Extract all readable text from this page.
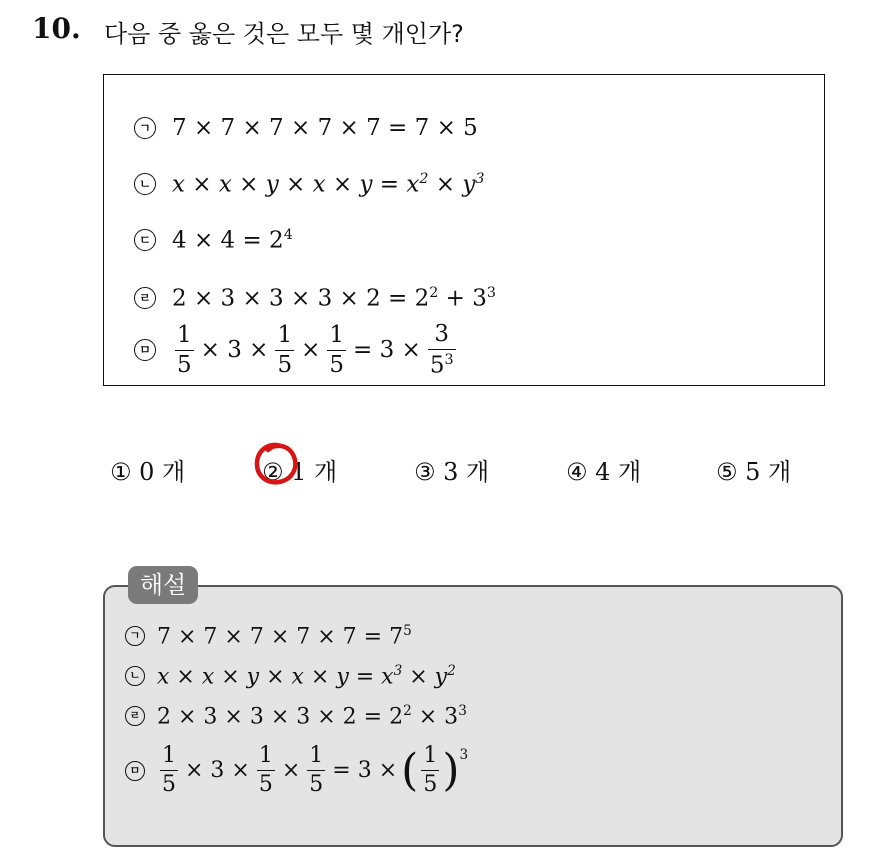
10. 다음 중 옳은 것은 모두 몇 개인가?
ㄱ 7 × 7 × 7 × 7 × 7 = 7 × 5
ㄴ $x \times x \times y \times x \times y = x^2 \times y^3$
ㄷ $4 \times 4 = 2^4$
ㄹ $2 \times 3 \times 3 \times 3 \times 2 = 2^2 + 3^3$
ㅁ $\frac{1}{5} \times 3 \times \frac{1}{5} \times \frac{1}{5} = 3 \times \frac{3}{5^3}$
① 0 개	② 1 개	③ 3 개	④ 4 개	⑤ 5 개
ㄱ $7 \times 7 \times 7 \times 7 \times 7 = 7^5$
ㄴ $x \times x \times y \times x \times y = x^3 \times y^2$
ㄹ $2 \times 3 \times 3 \times 3 \times 2 = 2^2 \times 3^3$
ㅁ $\frac{1}{5} \times 3 \times \frac{1}{5} \times \frac{1}{5} = 3$ × ( $\frac{1}{5} )^3$
해설
